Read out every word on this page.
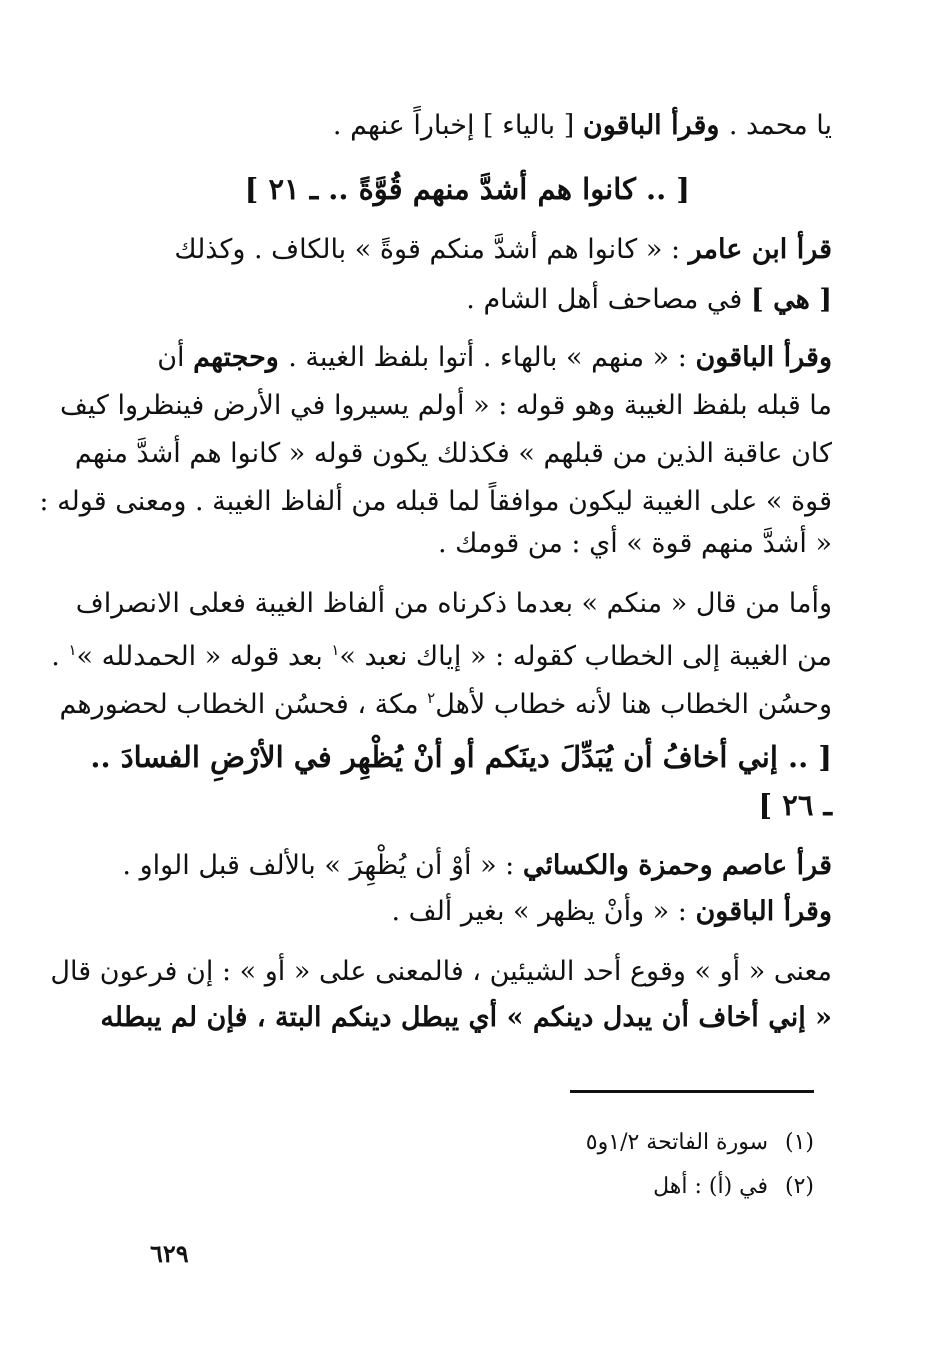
يا محمد . وقرأ الباقون [ بالياء ] إخباراً عنهم .
[ .. كانوا هم أشدَّ منهم قُوَّةً .. ـ ٢١ ]
قرأ ابن عامر : « كانوا هم أشدَّ منكم قوةً » بالكاف . وكذلك
[ هي ] في مصاحف أهل الشام .
وقرأ الباقون : « منهم » بالهاء . أتوا بلفظ الغيبة . وحجتهم أن
ما قبله بلفظ الغيبة وهو قوله : « أولم يسيروا في الأرض فينظروا كيف
كان عاقبة الذين من قبلهم » فكذلك يكون قوله « كانوا هم أشدَّ منهم
قوة » على الغيبة ليكون موافقاً لما قبله من ألفاظ الغيبة . ومعنى قوله :
« أشدَّ منهم قوة » أي : من قومك .
وأما من قال « منكم » بعدما ذكرناه من ألفاظ الغيبة فعلى الانصراف
من الغيبة إلى الخطاب كقوله : « إياك نعبد »$^١$ بعد قوله « الحمدلله »$^١$ .
وحسُن الخطاب هنا لأنه خطاب لأهل$^٢$ مكة ، فحسُن الخطاب لحضورهم
[ .. إني أخافُ أن يُبَدِّلَ دينَكم أو أنْ يُظْهِر في الأرْضِ الفسادَ ..
ـ ٢٦ ]
قرأ عاصم وحمزة والكسائي : « أوْ أن يُظْهِرَ » بالألف قبل الواو .
وقرأ الباقون : « وأنْ يظهر » بغير ألف .
معنى « أو » وقوع أحد الشيئين ، فالمعنى على « أو » : إن فرعون قال
« إني أخاف أن يبدل دينكم » أي يبطل دينكم البتة ، فإن لم يبطله
(١)سورة الفاتحة ١/٢و٥
(٢)في (أ) : أهل
٦٢٩
